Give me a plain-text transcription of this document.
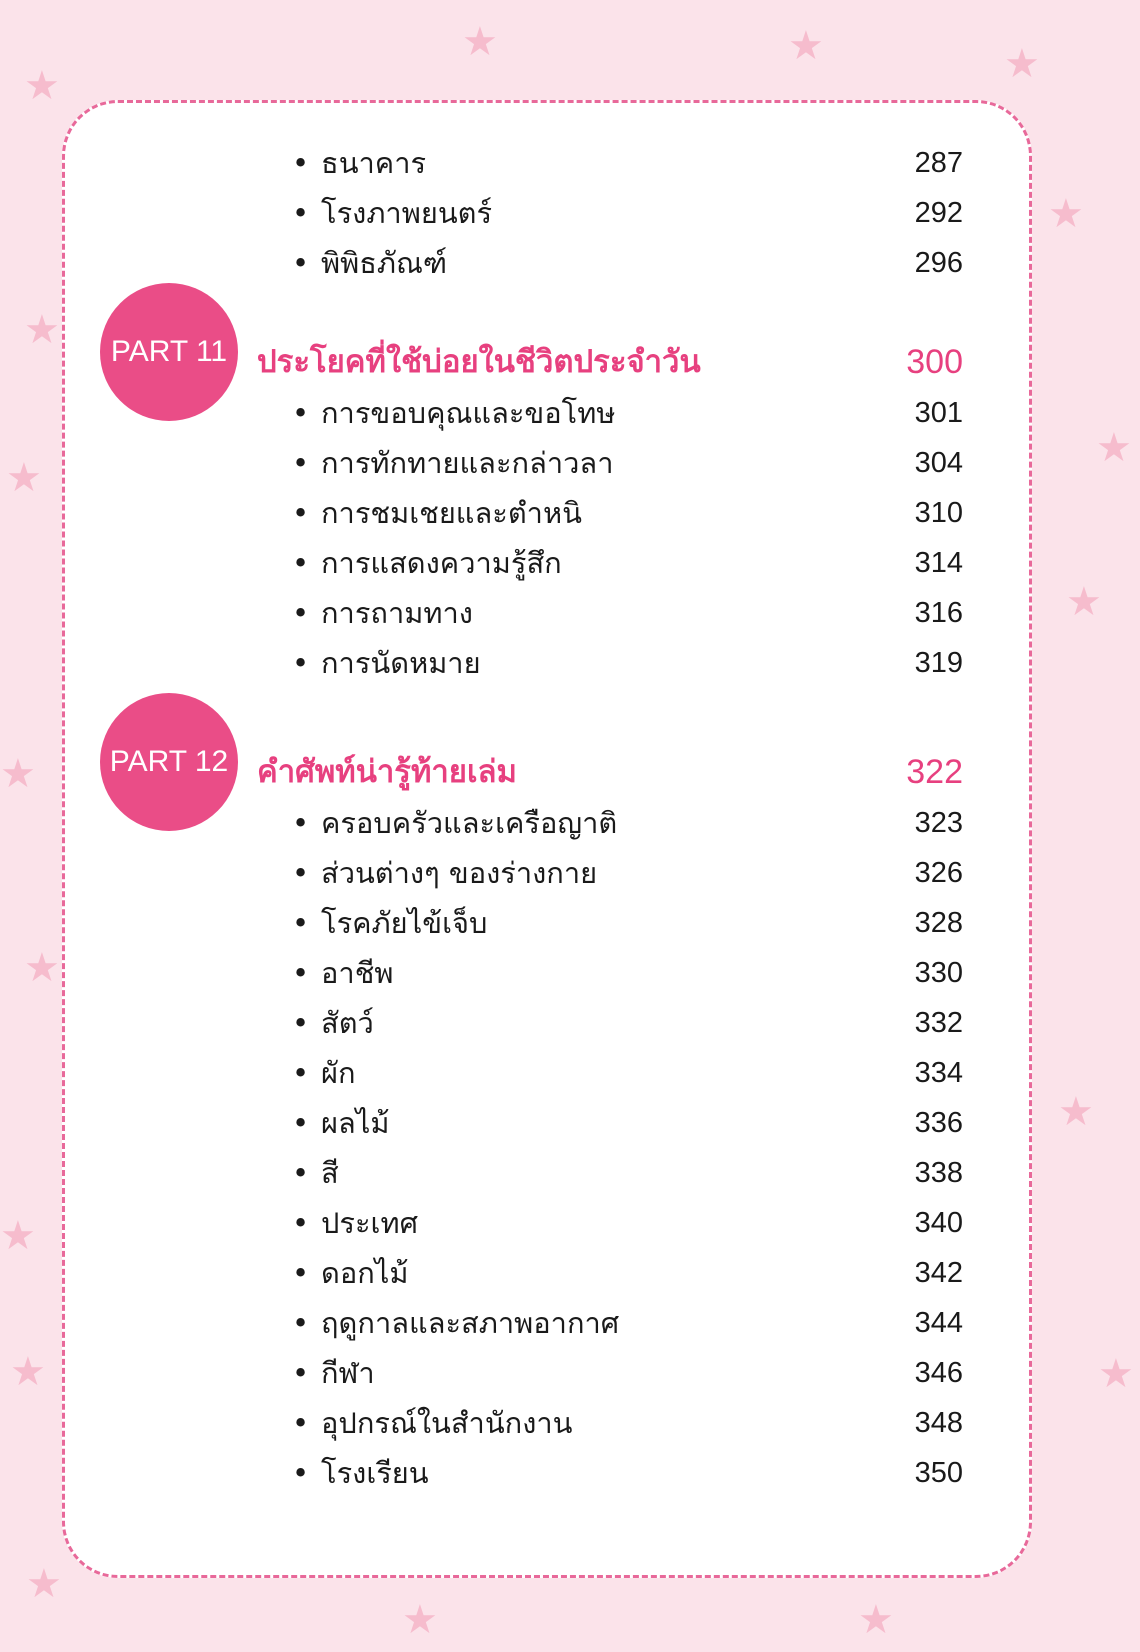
★	★	★
★
★
★
★
★
★
★
★
★
★
★	★
★
★	★
• ธนาคาร	287
• โรงภาพยนตร์	292
• พิพิธภัณฑ์	296
PART 11 ประโยคที่ใช้บ่อยในชีวิตประจำวัน	300
• การขอบคุณและขอโทษ	301
• การทักทายและกล่าวลา	304
• การชมเชยและตำหนิ	310
• การแสดงความรู้สึก	314
• การถามทาง	316
• การนัดหมาย	319
PART 12 คำศัพท์น่ารู้ท้ายเล่ม	322
• ครอบครัวและเครือญาติ	323
• ส่วนต่างๆ ของร่างกาย	326
• โรคภัยไข้เจ็บ	328
• อาชีพ	330
• สัตว์	332
• ผัก	334
• ผลไม้	336
• สี	338
• ประเทศ	340
• ดอกไม้	342
• ฤดูกาลและสภาพอากาศ	344
• กีฬา	346
• อุปกรณ์ในสำนักงาน	348
• โรงเรียน	350
